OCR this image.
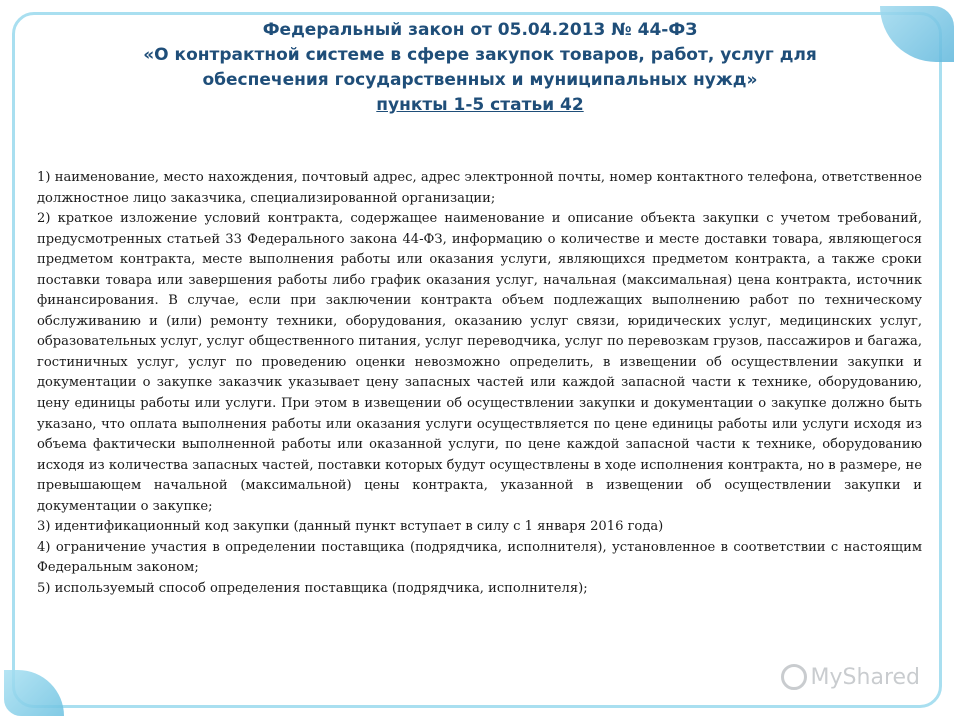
Федеральный закон от 05.04.2013 № 44-ФЗ
«О контрактной системе в сфере закупок товаров, работ, услуг для
обеспечения государственных и муниципальных нужд»
пункты 1-5 статьи 42

1) наименование, место нахождения, почтовый адрес, адрес электронной почты, номер контактного телефона, ответственное должностное лицо заказчика, специализированной организации;

2) краткое изложение условий контракта, содержащее наименование и описание объекта закупки с учетом требований, предусмотренных статьей 33 Федерального закона 44-ФЗ, информацию о количестве и месте доставки товара, являющегося предметом контракта, месте выполнения работы или оказания услуги, являющихся предметом контракта, а также сроки поставки товара или завершения работы либо график оказания услуг, начальная (максимальная) цена контракта, источник финансирования. В случае, если при заключении контракта объем подлежащих выполнению работ по техническому обслуживанию и (или) ремонту техники, оборудования, оказанию услуг связи, юридических услуг, медицинских услуг, образовательных услуг, услуг общественного питания, услуг переводчика, услуг по перевозкам грузов, пассажиров и багажа, гостиничных услуг, услуг по проведению оценки невозможно определить, в извещении об осуществлении закупки и документации о закупке заказчик указывает цену запасных частей или каждой запасной части к технике, оборудованию, цену единицы работы или услуги. При этом в извещении об осуществлении закупки и документации о закупке должно быть указано, что оплата выполнения работы или оказания услуги осуществляется по цене единицы работы или услуги исходя из объема фактически выполненной работы или оказанной услуги, по цене каждой запасной части к технике, оборудованию исходя из количества запасных частей, поставки которых будут осуществлены в ходе исполнения контракта, но в размере, не превышающем начальной (максимальной) цены контракта, указанной в извещении об осуществлении закупки и документации о закупке;

3) идентификационный код закупки (данный пункт вступает в силу с 1 января 2016 года)

4) ограничение участия в определении поставщика (подрядчика, исполнителя), установленное в соответствии с настоящим Федеральным законом;

5) используемый способ определения поставщика (подрядчика, исполнителя);

MyShared
